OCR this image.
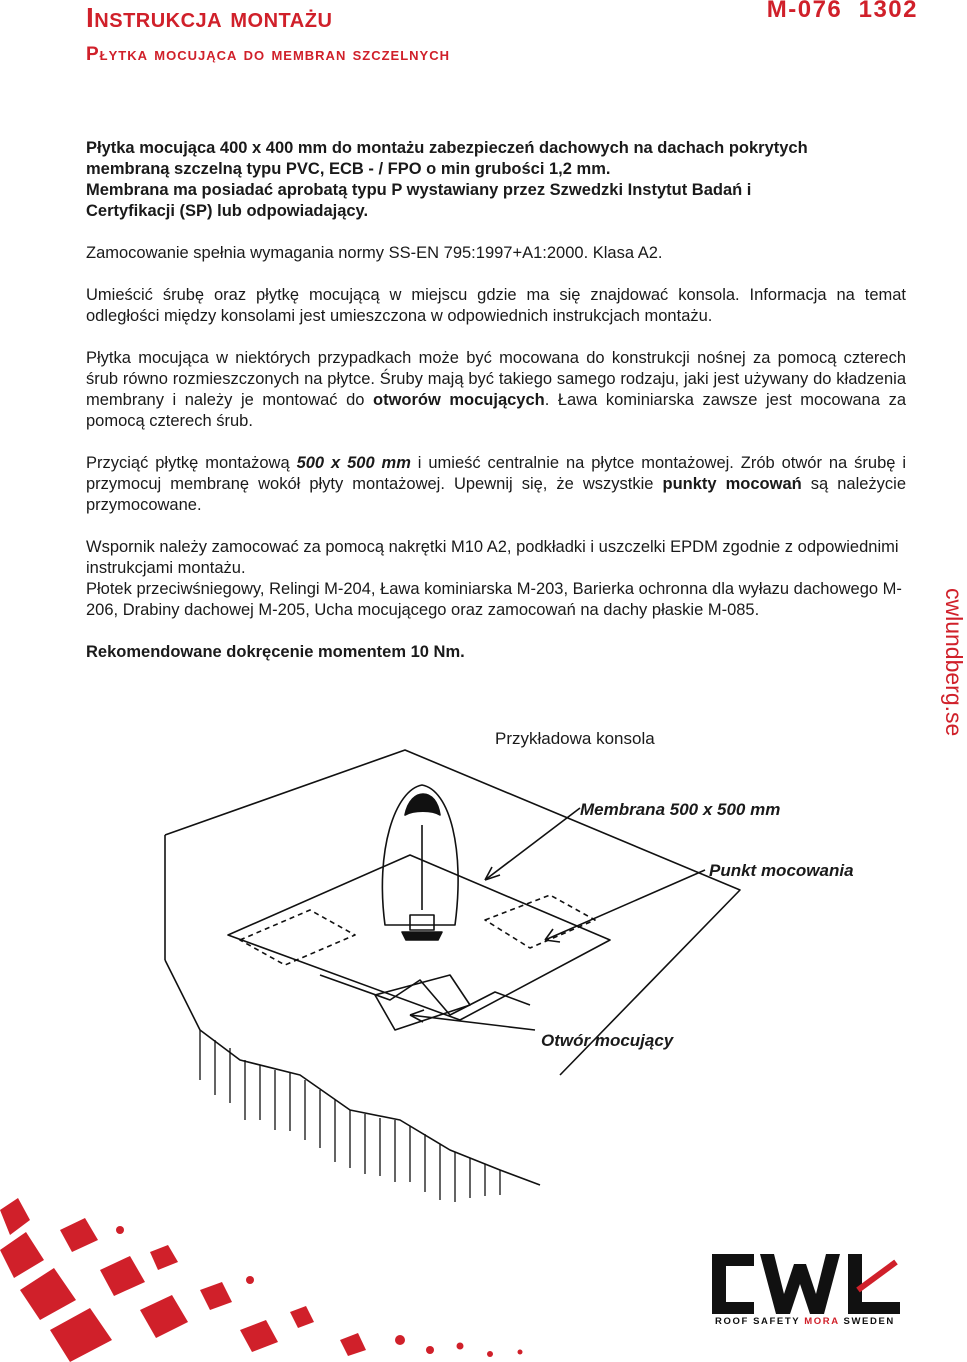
Instrukcja montażu
Płytka mocująca do membran szczelnych
M-076  1302

Płytka mocująca 400 x 400 mm do montażu zabezpieczeń dachowych na dachach pokrytych

membraną szczelną typu PVC, ECB - / FPO o min grubości 1,2 mm.

Membrana ma posiadać aprobatą typu P wystawiany przez Szwedzki Instytut Badań i

Certyfikacji (SP) lub odpowiadający.

Zamocowanie spełnia wymagania normy SS-EN 795:1997+A1:2000. Klasa A2.

Umieścić śrubę oraz płytkę mocującą w miejscu gdzie ma się znajdować konsola. Informacja na temat odległości między konsolami jest umieszczona w odpowiednich instrukcjach montażu.

Płytka mocująca w niektórych przypadkach może być mocowana do konstrukcji nośnej za pomocą czterech śrub równo rozmieszczonych na płytce. Śruby mają być takiego samego rodzaju, jaki jest używany do kładzenia membrany i należy je montować do otworów mocujących. Ława kominiarska zawsze jest mocowana za pomocą czterech śrub.

Przyciąć płytkę montażową 500 x 500 mm i umieść centralnie na płytce montażowej. Zrób otwór na śrubę i przymocuj membranę wokół płyty montażowej. Upewnij się, że wszystkie punkty mocowań są należycie przymocowane.

Wspornik należy zamocować za pomocą nakrętki M10 A2, podkładki i uszczelki EPDM zgodnie z odpowiednimi instrukcjami montażu.

Płotek przeciwśniegowy, Relingi M-204, Ława kominiarska M-203, Barierka ochronna dla wyłazu dachowego M-206, Drabiny dachowej M-205, Ucha mocującego oraz zamocowań na dachy płaskie M-085.

Rekomendowane dokręcenie momentem 10 Nm.	cwlundberg.se
Przykładowa konsola
Membrana 500 x 500 mm
Punkt mocowania
Otwór mocujący
ROOF SAFETY MORA SWEDEN
